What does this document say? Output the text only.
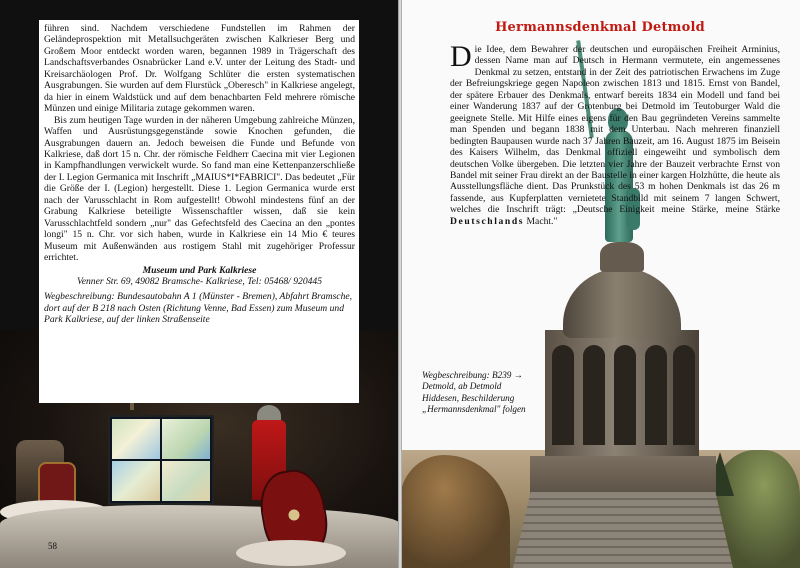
führen sind. Nachdem verschiedene Fundstellen im Rahmen der Geländeprospektion mit Metallsuchgeräten zwischen Kalkrieser Berg und Großem Moor entdeckt worden waren, begannen 1989 in Trägerschaft des Landschaftsverbandes Osnabrücker Land e.V. unter der Leitung des Stadt- und Kreisarchäologen Prof. Dr. Wolfgang Schlüter die ersten systematischen Ausgrabungen. Sie wurden auf dem Flurstück „Oberesch" in Kalkriese angelegt, da hier in einem Waldstück und auf dem benachbarten Feld mehrere römische Münzen und einige Militaria zutage gekommen waren.

Bis zum heutigen Tage wurden in der näheren Umgebung zahlreiche Münzen, Waffen und Ausrüstungsgegenstände sowie Knochen gefunden, die Ausgrabungen dauern an. Jedoch beweisen die Funde und Befunde von Kalkriese, daß dort 15 n. Chr. der römische Feldherr Caecina mit vier Legionen in Kampfhandlungen verwickelt wurde. So fand man eine Kettenpanzerschließe der I. Legion Germanica mit Inschrift „MAIUS*I*FABRICI". Das bedeutet „Für die Größe der I. (Legion) hergestellt. Diese 1. Legion Germanica wurde erst nach der Varusschlacht in Rom aufgestellt! Obwohl mindestens fünf an der Grabung Kalkriese beteiligte Wissenschaftler wissen, daß sie kein Varusschlachtfeld sondern „nur" das Gefechtsfeld des Caecina an den „pontes longi" 15 n. Chr. vor sich haben, wurde in Kalkriese ein 14 Mio € teures Museum mit Außenwänden aus rostigem Stahl mit zugehöriger Professur errichtet.

Museum und Park Kalkriese

Venner Str. 69, 49082 Bramsche- Kalkriese, Tel: 05468/ 920445

Wegbeschreibung: Bundesautobahn A 1 (Münster - Bremen), Abfahrt Bramsche, dort auf der B 218 nach Osten (Richtung Venne, Bad Essen) zum Museum und Park Kalkriese, auf der linken Straßenseite

58
Hermannsdenkmal Detmold

Die Idee, dem Bewahrer der deutschen und europäischen Freiheit Arminius, dessen Name man auf Deutsch in Hermann vermutete, ein angemessenes Denkmal zu setzen, entstand in der Zeit des patriotischen Erwachens im Zuge der Befreiungskriege gegen Napoleon zwischen 1813 und 1815. Ernst von Bandel, der spätere Erbauer des Denkmals, entwarf bereits 1834 ein Modell und fand bei einer Wanderung 1837 auf der Grotenburg bei Detmold im Teutoburger Wald die geeignete Stelle. Mit Hilfe eines eigens für den Bau gegründeten Vereins sammelte man Spenden und begann 1838 mit dem Unterbau. Nach mehreren finanziell bedingten Baupausen wurde nach 37 Jahren Bauzeit, am 16. August 1875 im Beisein des Kaisers Wilhelm, das Denkmal offiziell eingeweiht und symbolisch dem deutschen Volke übergeben. Die letzten vier Jahre der Bauzeit verbrachte Ernst von Bandel mit seiner Frau direkt an der Baustelle in einer kargen Holzhütte, die heute als Ausstellungsfläche dient. Das Prunkstück des 53 m hohen Denkmals ist das 26 m fassende, aus Kupferplatten vernietete Standbild mit seinem 7 langen Schwert, welches die Inschrift trägt: „Deutsche Einigkeit meine Stärke, meine Stärke Deutschlands Macht."

Wegbeschreibung: B239 → Detmold, ab Detmold Hiddesen, Beschilderung „Hermannsdenkmal" folgen
